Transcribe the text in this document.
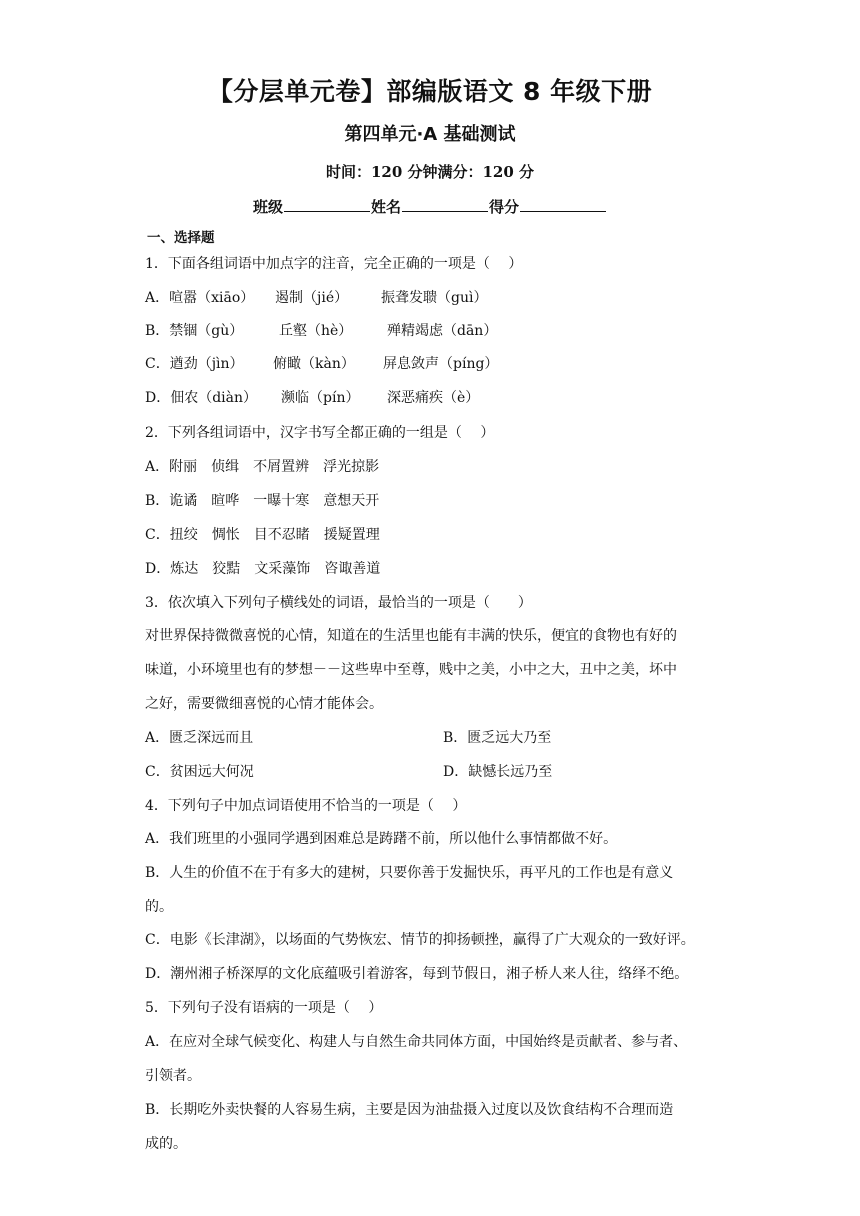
【分层单元卷】部编版语文 8 年级下册
第四单元·A 基础测试
时间：120 分钟满分：120 分
班级	姓名	得分
一、选择题
1．下面各组词语中加点字的注音，完全正确的一项是（　 ）
A．喧嚣（xiāo） 遏制（jié） 振聋发聩（guì）
B．禁锢（gù）	丘壑（hè） 殚精竭虑（dān）
C．遒劲（jìn） 俯瞰（kàn） 屏息敛声（píng）
D．佃农（diàn） 濒临（pín） 深恶痛疾（è）
2．下列各组词语中，汉字书写全都正确的一组是（　 ）
A．附丽　侦缉　不屑置辨　浮光掠影
B．诡谲　暄哗　一曝十寒　意想天开
C．扭绞　惆怅　目不忍睹　援疑置理
D．炼达　狡黠　文采藻饰　咨诹善道
3．依次填入下列句子横线处的词语，最恰当的一项是（　　）
对世界保持微微喜悦的心情，知道在的生活里也能有丰满的快乐，便宜的食物也有好的
味道，小环境里也有的梦想－－这些卑中至尊，贱中之美，小中之大，丑中之美，坏中
之好，需要微细喜悦的心情才能体会。
A．匮乏深远而且	B．匮乏远大乃至
C．贫困远大何况	D．缺憾长远乃至
4．下列句子中加点词语使用不恰当的一项是（　 ）
A．我们班里的小强同学遇到困难总是踌躇不前，所以他什么事情都做不好。
B．人生的价值不在于有多大的建树，只要你善于发掘快乐，再平凡的工作也是有意义
的。
C．电影《长津湖》，以场面的气势恢宏、情节的抑扬顿挫，赢得了广大观众的一致好评。
D．潮州湘子桥深厚的文化底蕴吸引着游客，每到节假日，湘子桥人来人往，络绎不绝。
5．下列句子没有语病的一项是（　 ）
A．在应对全球气候变化、构建人与自然生命共同体方面，中国始终是贡献者、参与者、
引领者。
B．长期吃外卖快餐的人容易生病，主要是因为油盐摄入过度以及饮食结构不合理而造
成的。
